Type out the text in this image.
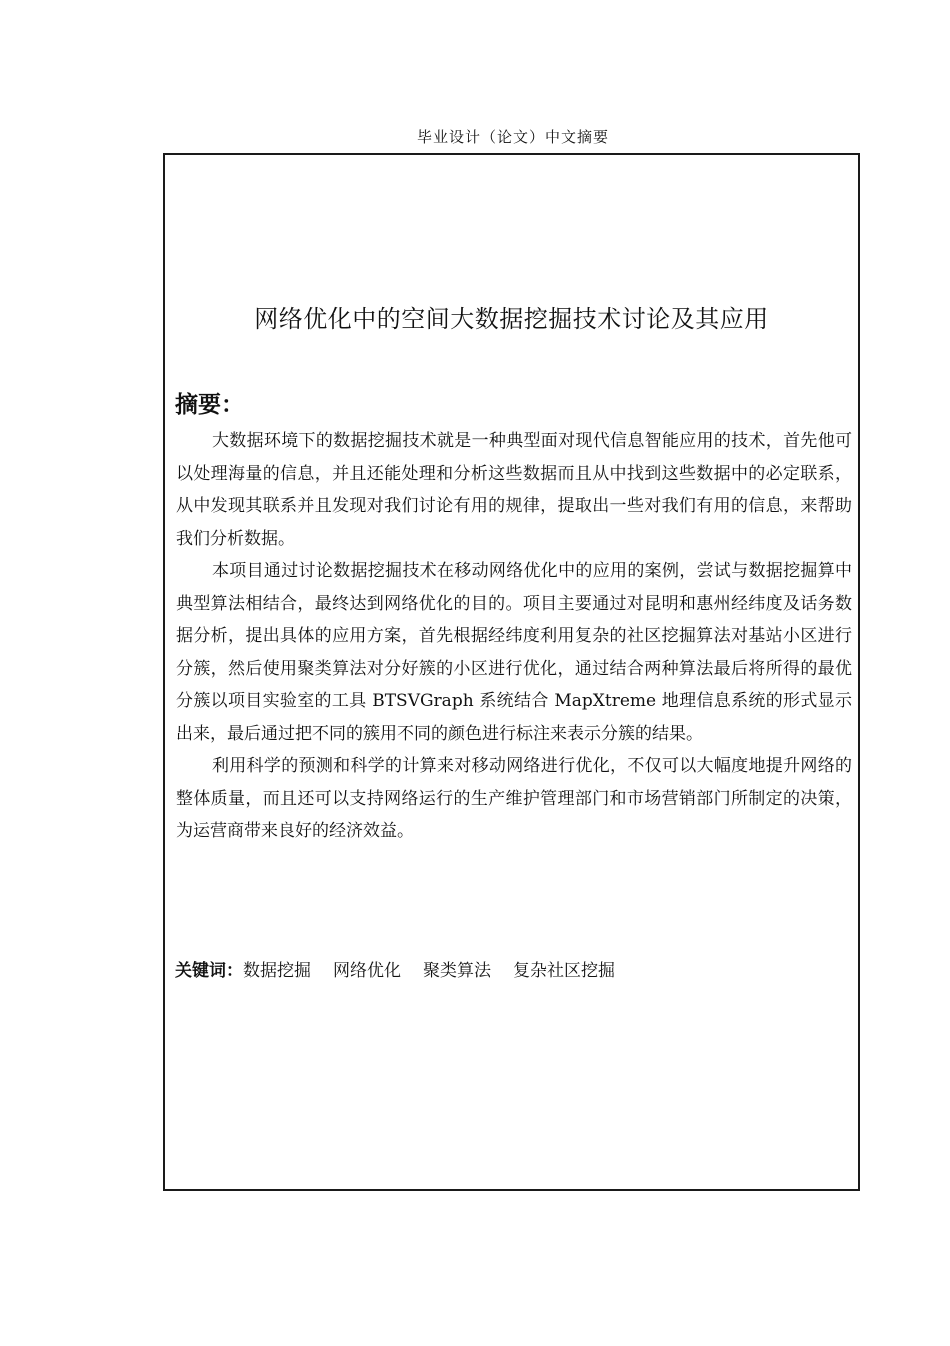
毕业设计（论文）中文摘要
网络优化中的空间大数据挖掘技术讨论及其应用
摘要：

大数据环境下的数据挖掘技术就是一种典型面对现代信息智能应用的技术，首先他可以处理海量的信息，并且还能处理和分析这些数据而且从中找到这些数据中的必定联系，从中发现其联系并且发现对我们讨论有用的规律，提取出一些对我们有用的信息，来帮助我们分析数据。

本项目通过讨论数据挖掘技术在移动网络优化中的应用的案例，尝试与数据挖掘算中典型算法相结合，最终达到网络优化的目的。项目主要通过对昆明和惠州经纬度及话务数据分析，提出具体的应用方案，首先根据经纬度利用复杂的社区挖掘算法对基站小区进行分簇，然后使用聚类算法对分好簇的小区进行优化，通过结合两种算法最后将所得的最优分簇以项目实验室的工具 BTSVGraph 系统结合 MapXtreme 地理信息系统的形式显示出来，最后通过把不同的簇用不同的颜色进行标注来表示分簇的结果。

利用科学的预测和科学的计算来对移动网络进行优化，不仅可以大幅度地提升网络的整体质量，而且还可以支持网络运行的生产维护管理部门和市场营销部门所制定的决策，为运营商带来良好的经济效益。

关键词：数据挖掘 网络优化 聚类算法 复杂社区挖掘
